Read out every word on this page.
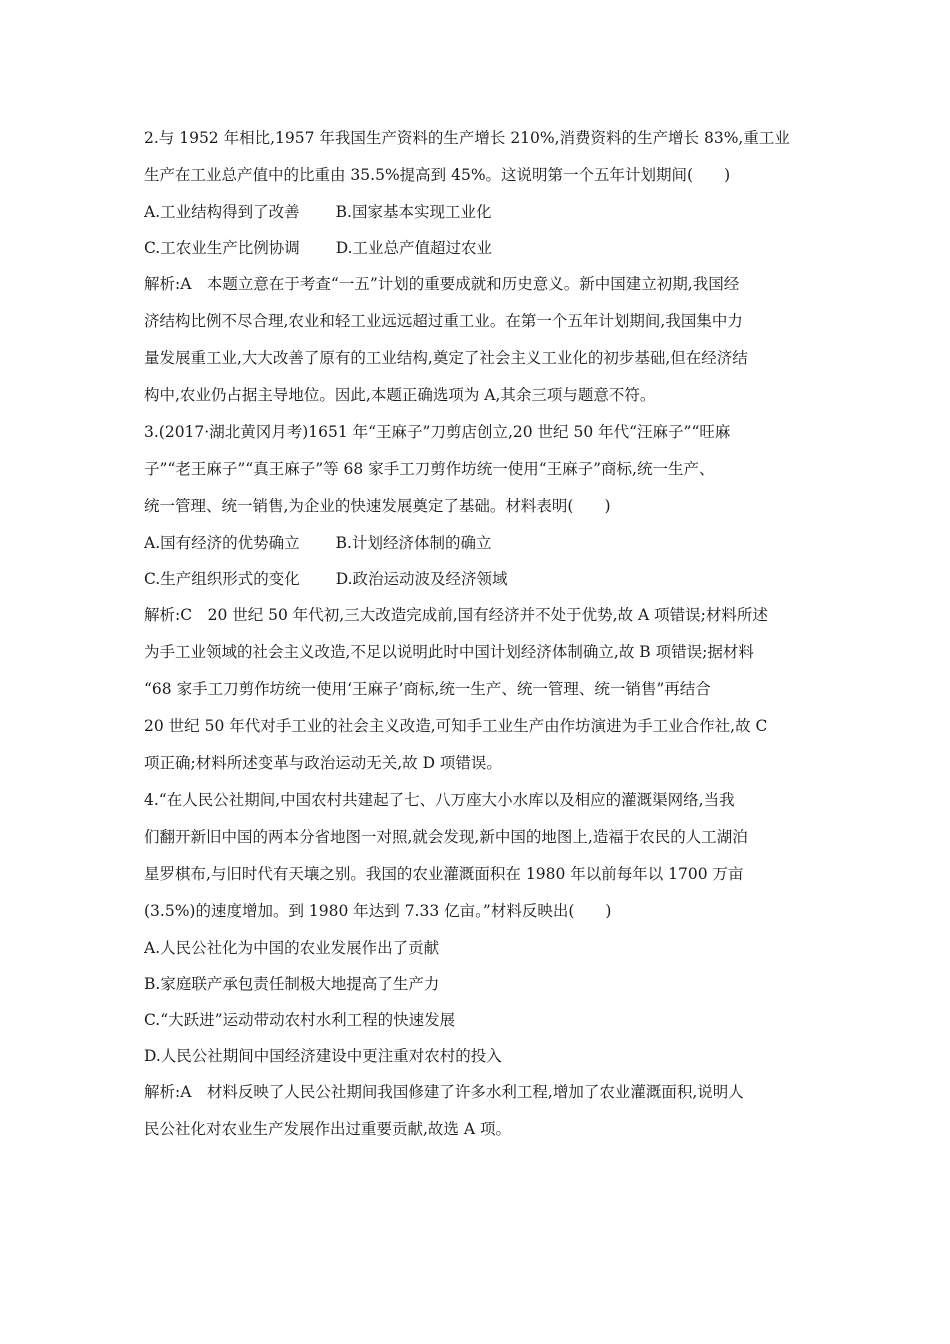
2.与 1952 年相比,1957 年我国生产资料的生产增长 210%,消费资料的生产增长 83%,重工业
生产在工业总产值中的比重由 35.5%提高到 45%。这说明第一个五年计划期间(　　)
A.工业结构得到了改善 B.国家基本实现工业化
C.工农业生产比例协调 D.工业总产值超过农业
解析:A　本题立意在于考查“一五”计划的重要成就和历史意义。新中国建立初期,我国经
济结构比例不尽合理,农业和轻工业远远超过重工业。在第一个五年计划期间,我国集中力
量发展重工业,大大改善了原有的工业结构,奠定了社会主义工业化的初步基础,但在经济结
构中,农业仍占据主导地位。因此,本题正确选项为 A,其余三项与题意不符。
3.(2017·湖北黄冈月考)1651 年“王麻子”刀剪店创立,20 世纪 50 年代“汪麻子”“旺麻
子”“老王麻子”“真王麻子”等 68 家手工刀剪作坊统一使用“王麻子”商标,统一生产、
统一管理、统一销售,为企业的快速发展奠定了基础。材料表明(　　)
A.国有经济的优势确立 B.计划经济体制的确立
C.生产组织形式的变化 D.政治运动波及经济领域
解析:C　20 世纪 50 年代初,三大改造完成前,国有经济并不处于优势,故 A 项错误;材料所述
为手工业领域的社会主义改造,不足以说明此时中国计划经济体制确立,故 B 项错误;据材料
“68 家手工刀剪作坊统一使用‘王麻子’商标,统一生产、统一管理、统一销售”再结合
20 世纪 50 年代对手工业的社会主义改造,可知手工业生产由作坊演进为手工业合作社,故 C
项正确;材料所述变革与政治运动无关,故 D 项错误。
4.“在人民公社期间,中国农村共建起了七、八万座大小水库以及相应的灌溉渠网络,当我
们翻开新旧中国的两本分省地图一对照,就会发现,新中国的地图上,造福于农民的人工湖泊
星罗棋布,与旧时代有天壤之别。我国的农业灌溉面积在 1980 年以前每年以 1700 万亩
(3.5%)的速度增加。到 1980 年达到 7.33 亿亩。”材料反映出(　　)
A.人民公社化为中国的农业发展作出了贡献
B.家庭联产承包责任制极大地提高了生产力
C.“大跃进”运动带动农村水利工程的快速发展
D.人民公社期间中国经济建设中更注重对农村的投入
解析:A　材料反映了人民公社期间我国修建了许多水利工程,增加了农业灌溉面积,说明人
民公社化对农业生产发展作出过重要贡献,故选 A 项。
